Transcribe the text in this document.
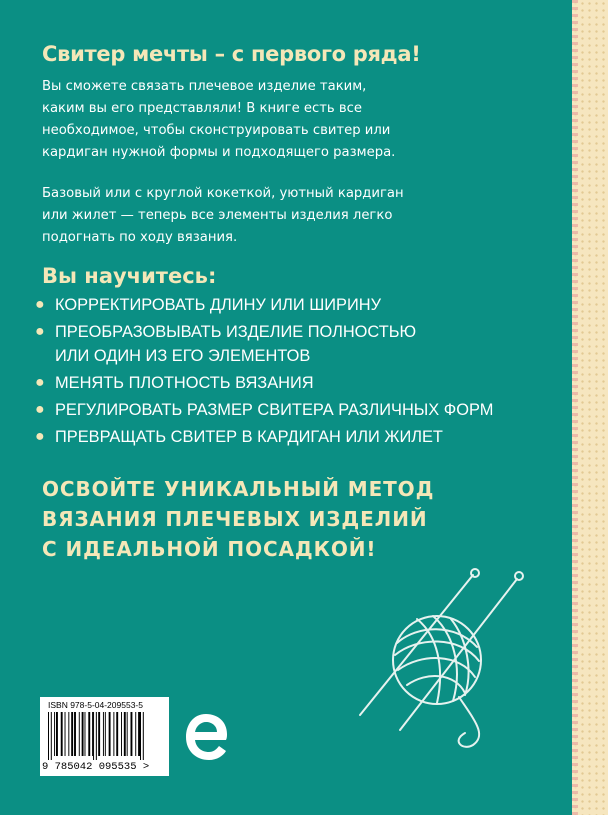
Свитер мечты – с первого ряда!

Вы сможете связать плечевое изделие таким,
каким вы его представляли! В книге есть все
необходимое, чтобы сконструировать свитер или
кардиган нужной формы и подходящего размера.

Базовый или с круглой кокеткой, уютный кардиган
или жилет — теперь все элементы изделия легко
подогнать по ходу вязания.

Вы научитесь:
● КОРРЕКТИРОВАТЬ ДЛИНУ ИЛИ ШИРИНУ
● ПРЕОБРАЗОВЫВАТЬ ИЗДЕЛИЕ ПОЛНОСТЬЮ
ИЛИ ОДИН ИЗ ЕГО ЭЛЕМЕНТОВ
● МЕНЯТЬ ПЛОТНОСТЬ ВЯЗАНИЯ
● РЕГУЛИРОВАТЬ РАЗМЕР СВИТЕРА РАЗЛИЧНЫХ ФОРМ
● ПРЕВРАЩАТЬ СВИТЕР В КАРДИГАН ИЛИ ЖИЛЕТ

ОСВОЙТЕ УНИКАЛЬНЫЙ МЕТОД
ВЯЗАНИЯ ПЛЕЧЕВЫХ ИЗДЕЛИЙ
С ИДЕАЛЬНОЙ ПОСАДКОЙ!

ISBN 978-5-04-209553-5

9 785042 095535 >
